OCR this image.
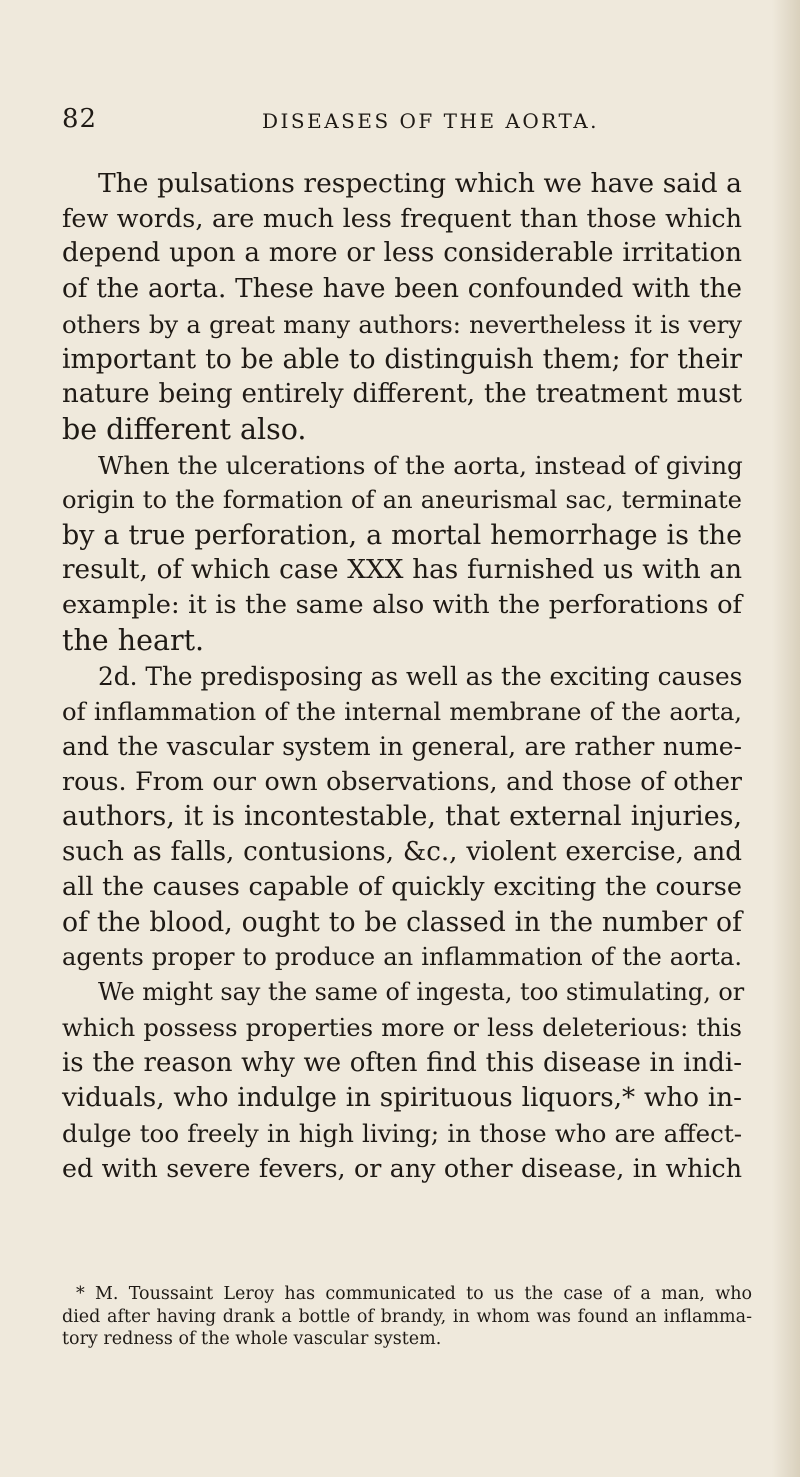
82	DISEASES OF THE AORTA.
The pulsations respecting which we have said a
few words, are much less frequent than those which
depend upon a more or less considerable irritation
of the aorta. These have been confounded with the
others by a great many authors: nevertheless it is very
important to be able to distinguish them; for their
nature being entirely different, the treatment must
be different also.
When the ulcerations of the aorta, instead of giving
origin to the formation of an aneurismal sac, terminate
by a true perforation, a mortal hemorrhage is the
result, of which case XXX has furnished us with an
example: it is the same also with the perforations of
the heart.
2d. The predisposing as well as the exciting causes
of inflammation of the internal membrane of the aorta,
and the vascular system in general, are rather nume-
rous. From our own observations, and those of other
authors, it is incontestable, that external injuries,
such as falls, contusions, &c., violent exercise, and
all the causes capable of quickly exciting the course
of the blood, ought to be classed in the number of
agents proper to produce an inflammation of the aorta.
We might say the same of ingesta, too stimulating, or
which possess properties more or less deleterious: this
is the reason why we often find this disease in indi-
viduals, who indulge in spirituous liquors,* who in-
dulge too freely in high living; in those who are affect-
ed with severe fevers, or any other disease, in which
* M. Toussaint Leroy has communicated to us the case of a man, who
died after having drank a bottle of brandy, in whom was found an inflamma-
tory redness of the whole vascular system.
